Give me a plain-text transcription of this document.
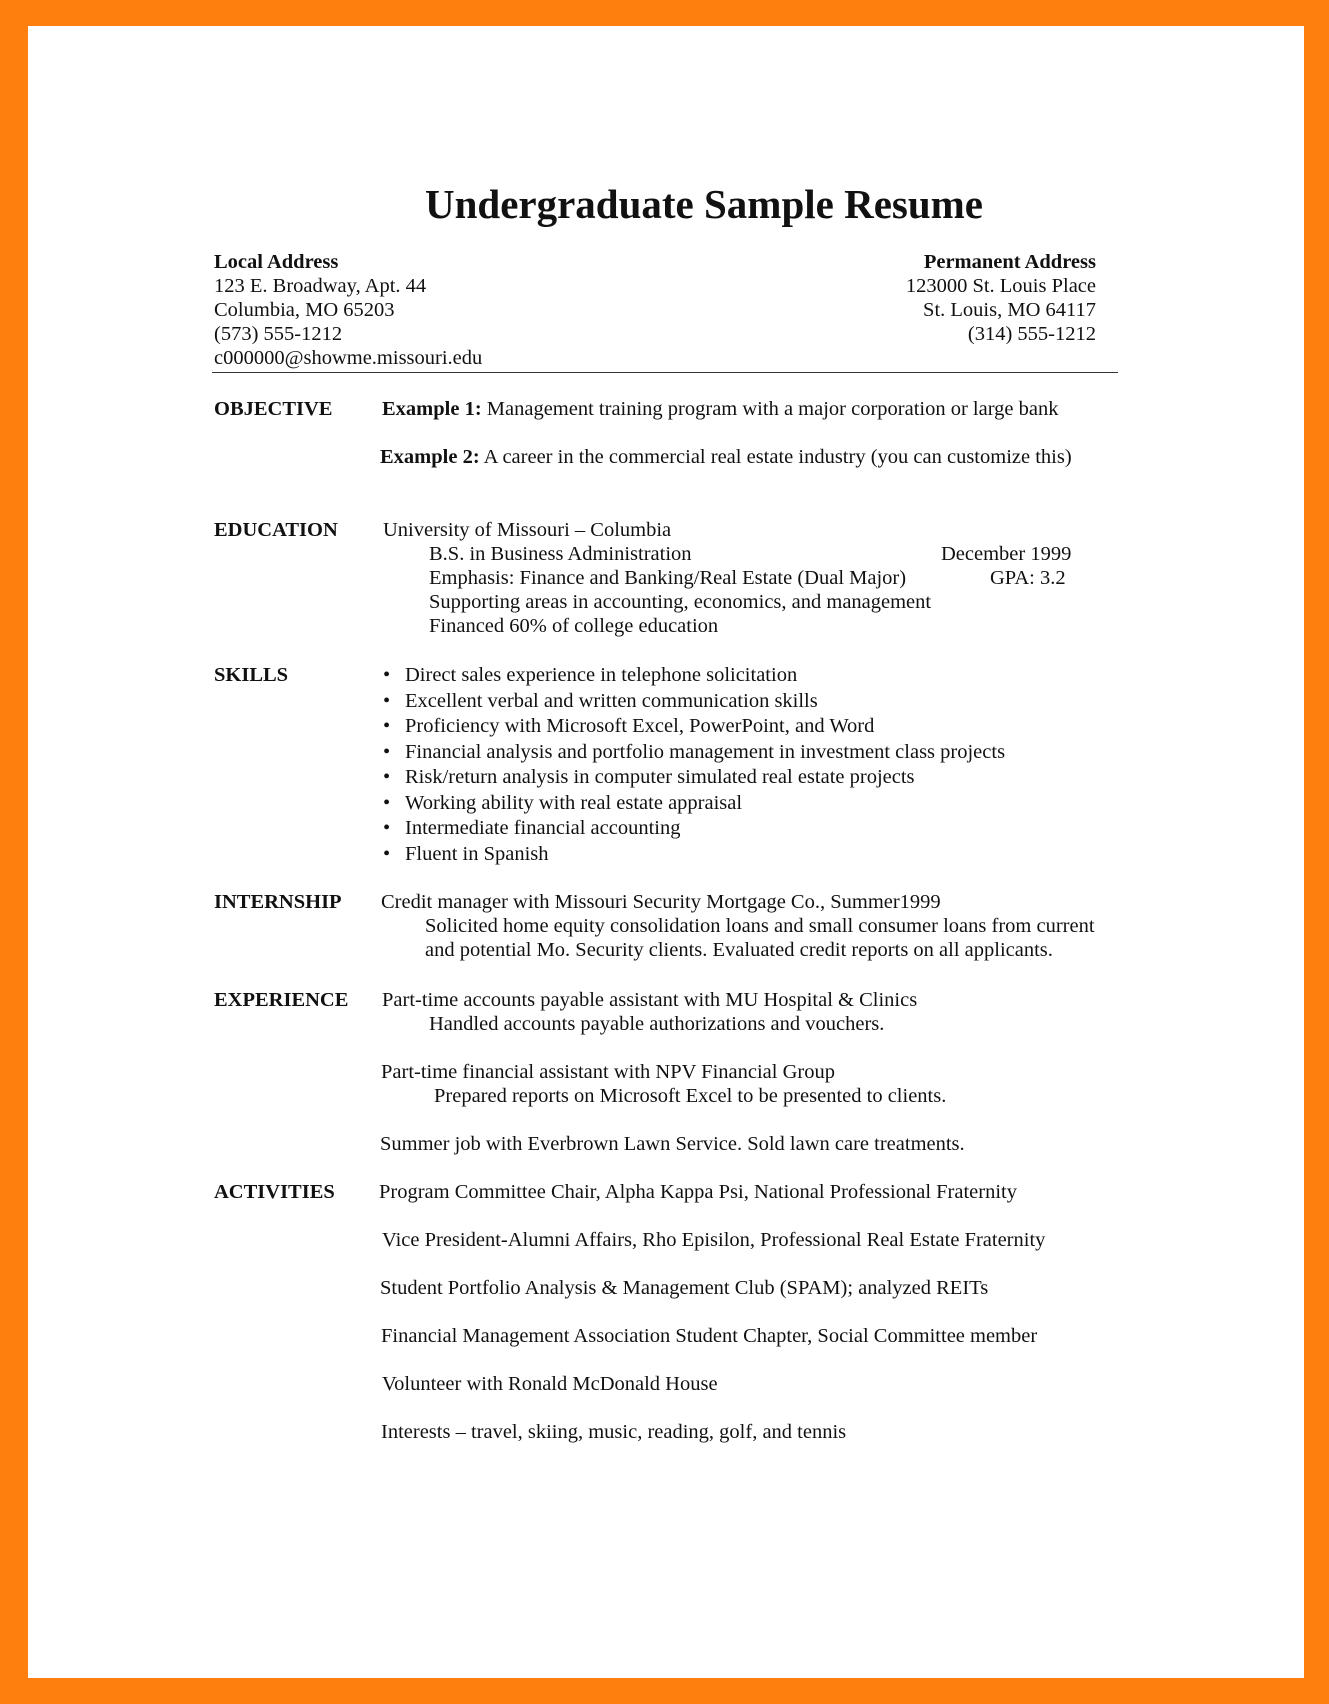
Undergraduate Sample Resume
Local Address
123 E. Broadway, Apt. 44
Columbia, MO 65203
(573) 555-1212
c000000@showme.missouri.edu
Permanent Address
123000 St. Louis Place
St. Louis, MO 64117
(314) 555-1212
OBJECTIVE Example 1: Management training program with a major corporation or large bank
Example 2: A career in the commercial real estate industry (you can customize this)
EDUCATION University of Missouri – Columbia
B.S. in Business Administration	December 1999
Emphasis: Finance and Banking/Real Estate (Dual Major)	GPA: 3.2
Supporting areas in accounting, economics, and management
Financed 60% of college education
SKILLS	• Direct sales experience in telephone solicitation
• Excellent verbal and written communication skills
• Proficiency with Microsoft Excel, PowerPoint, and Word
• Financial analysis and portfolio management in investment class projects
• Risk/return analysis in computer simulated real estate projects
• Working ability with real estate appraisal
• Intermediate financial accounting
• Fluent in Spanish
INTERNSHIP Credit manager with Missouri Security Mortgage Co., Summer1999
Solicited home equity consolidation loans and small consumer loans from current
and potential Mo. Security clients. Evaluated credit reports on all applicants.
EXPERIENCE Part-time accounts payable assistant with MU Hospital & Clinics
Handled accounts payable authorizations and vouchers.
Part-time financial assistant with NPV Financial Group
Prepared reports on Microsoft Excel to be presented to clients.
Summer job with Everbrown Lawn Service. Sold lawn care treatments.
ACTIVITIES Program Committee Chair, Alpha Kappa Psi, National Professional Fraternity
Vice President-Alumni Affairs, Rho Episilon, Professional Real Estate Fraternity
Student Portfolio Analysis & Management Club (SPAM); analyzed REITs
Financial Management Association Student Chapter, Social Committee member
Volunteer with Ronald McDonald House
Interests – travel, skiing, music, reading, golf, and tennis
